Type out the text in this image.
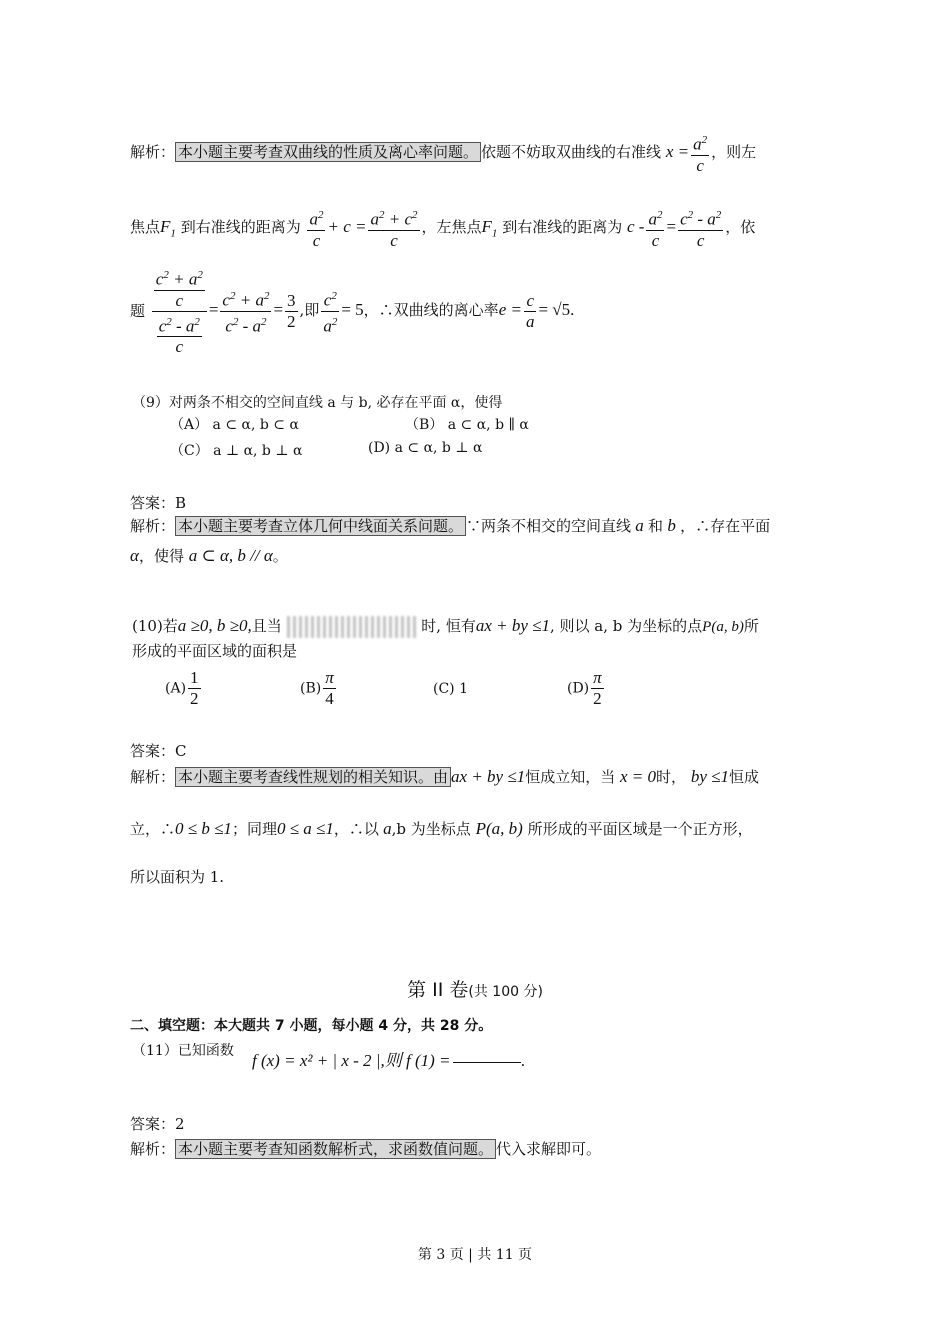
解析： 本小题主要考查双曲线的性质及离心率问题。 依题不妨取双曲线的右准线 $x = \frac{a^2}{c}$ ，则左
焦点$F_1$ 到右准线的距离为 $\frac{a^2}{c} + c = \frac{a^2 + c^2}{c}$ ，左焦点$F_1$ 到右准线的距离为 $c - \frac{a^2}{c} = \frac{c^2 - a^2}{c}$ ，依
题 $\frac{\frac{c^2 + a^2}{c}}{\frac{c^2 - a^2}{c}} = \frac{c^2 + a^2}{c^2 - a^2} = \frac{3}{2}$ ,即 $\frac{c^2}{a^2} = 5$，∴双曲线的离心率$e = \frac{c}{a} = √5$.
（9）对两条不相交的空间直线 a 与 b, 必存在平面 α，使得
（A） a ⊂ α, b ⊂ α	（B） a ⊂ α, b ∥ α
（C） a ⊥ α, b ⊥ α	(D) a ⊂ α, b ⊥ α
答案：B
解析： 本小题主要考查立体几何中线面关系问题。 ∵两条不相交的空间直线 a 和 b ，∴存在平面
α，使得 a ⊂ α, b // α。
(10)若a ≥0, b ≥0,且当	时, 恒有ax + by ≤1, 则以 a, b 为坐标的点P(a, b)所
形成的平面区域的面积是
$(A) \frac{1}{2}$	$(B) \frac{\pi}{4}$	(C) 1	$(D) \frac{\pi}{2}$
答案：C
解析： 本小题主要考查线性规划的相关知识。由 ax + by ≤1恒成立知，当 x = 0时， by ≤1恒成
立，∴0 ≤ b ≤1；同理0 ≤ a ≤1，∴以 a,b 为坐标点 P(a, b) 所形成的平面区域是一个正方形，
所以面积为 1.
第 II 卷(共 100 分)
二、填空题：本大题共 7 小题，每小题 4 分，共 28 分。
（11）已知函数	f (x) = x² + | x - 2 |,则 f (1) =	.
答案：2
解析： 本小题主要考查知函数解析式，求函数值问题。 代入求解即可。
第 3 页 | 共 11 页
